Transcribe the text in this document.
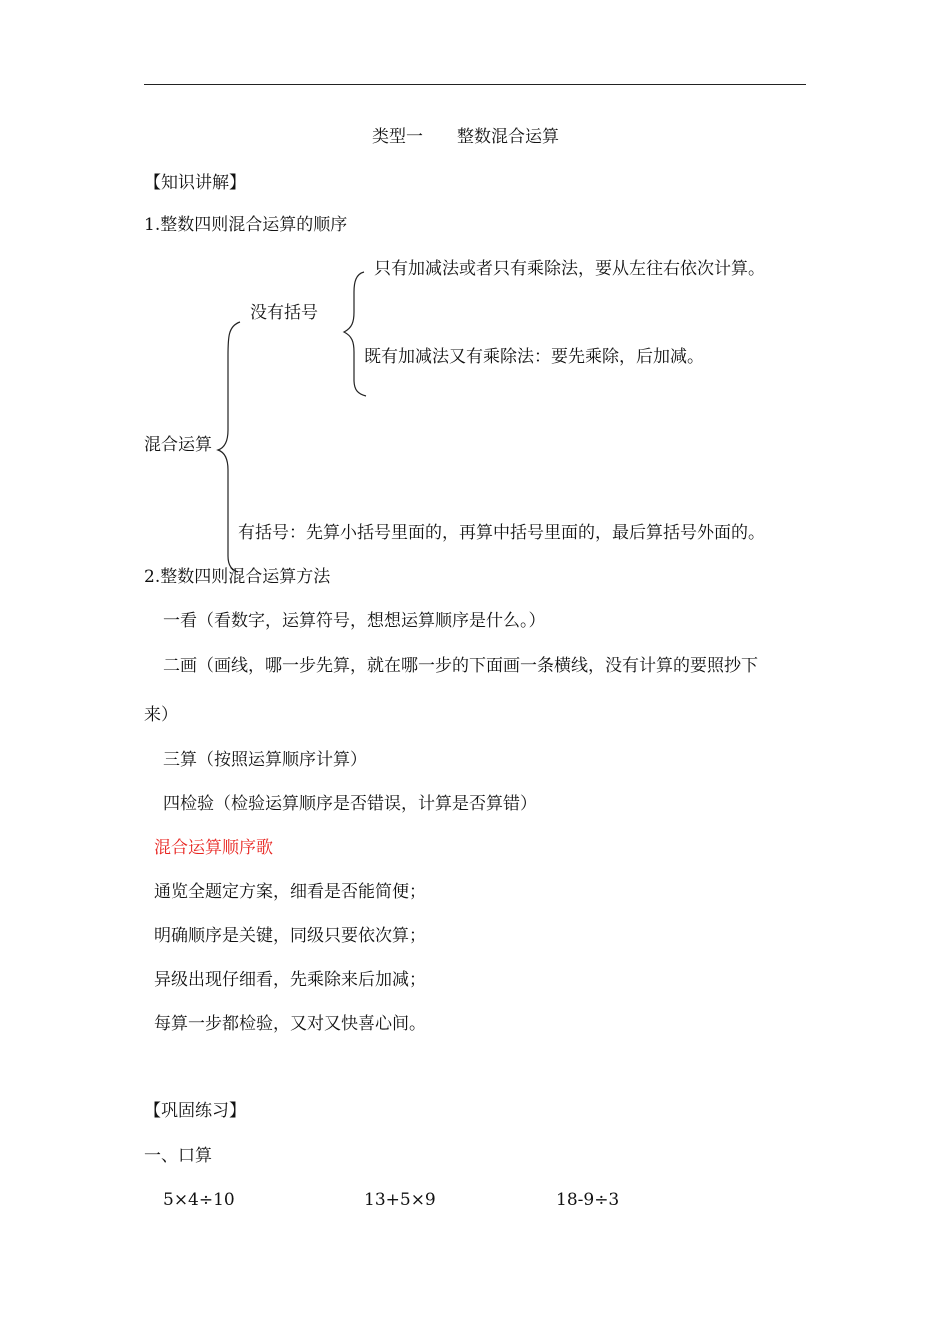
类型一　　整数混合运算
【知识讲解】
1.整数四则混合运算的顺序
混合运算
没有括号
只有加减法或者只有乘除法，要从左往右依次计算。
既有加减法又有乘除法：要先乘除，后加减。
有括号：先算小括号里面的，再算中括号里面的，最后算括号外面的。
2.整数四则混合运算方法
一看（看数字，运算符号，想想运算顺序是什么。）
二画（画线，哪一步先算，就在哪一步的下面画一条横线，没有计算的要照抄下
来）
三算（按照运算顺序计算）
四检验（检验运算顺序是否错误，计算是否算错）
混合运算顺序歌
通览全题定方案，细看是否能简便；
明确顺序是关键，同级只要依次算；
异级出现仔细看，先乘除来后加减；
每算一步都检验，又对又快喜心间。
【巩固练习】
一、口算
5×4÷10	13+5×9	18-9÷3
